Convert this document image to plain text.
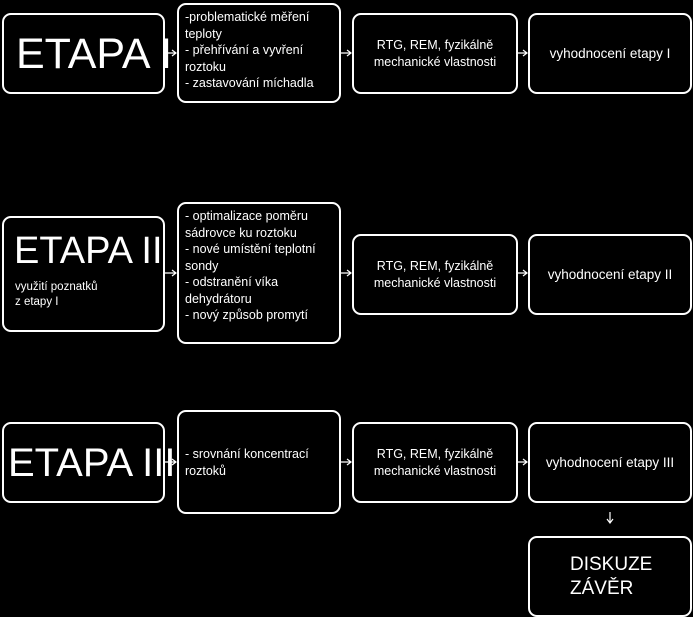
ETAPA I
-problematické měření teploty
- přehřívání a vyvření roztoku
- zastavování míchadla
RTG, REM, fyzikálně mechanické vlastnosti
vyhodnocení etapy I
ETAPA II
využití poznatků
z etapy I
- optimalizace poměru sádrovce ku roztoku
- nové umístění teplotní sondy
- odstranění víka dehydrátoru
- nový způsob promytí
RTG, REM, fyzikálně mechanické vlastnosti
vyhodnocení etapy II
ETAPA III - srovnání koncentrací roztoků
RTG, REM, fyzikálně mechanické vlastnosti
vyhodnocení etapy III
DISKUZE
ZÁVĚR
